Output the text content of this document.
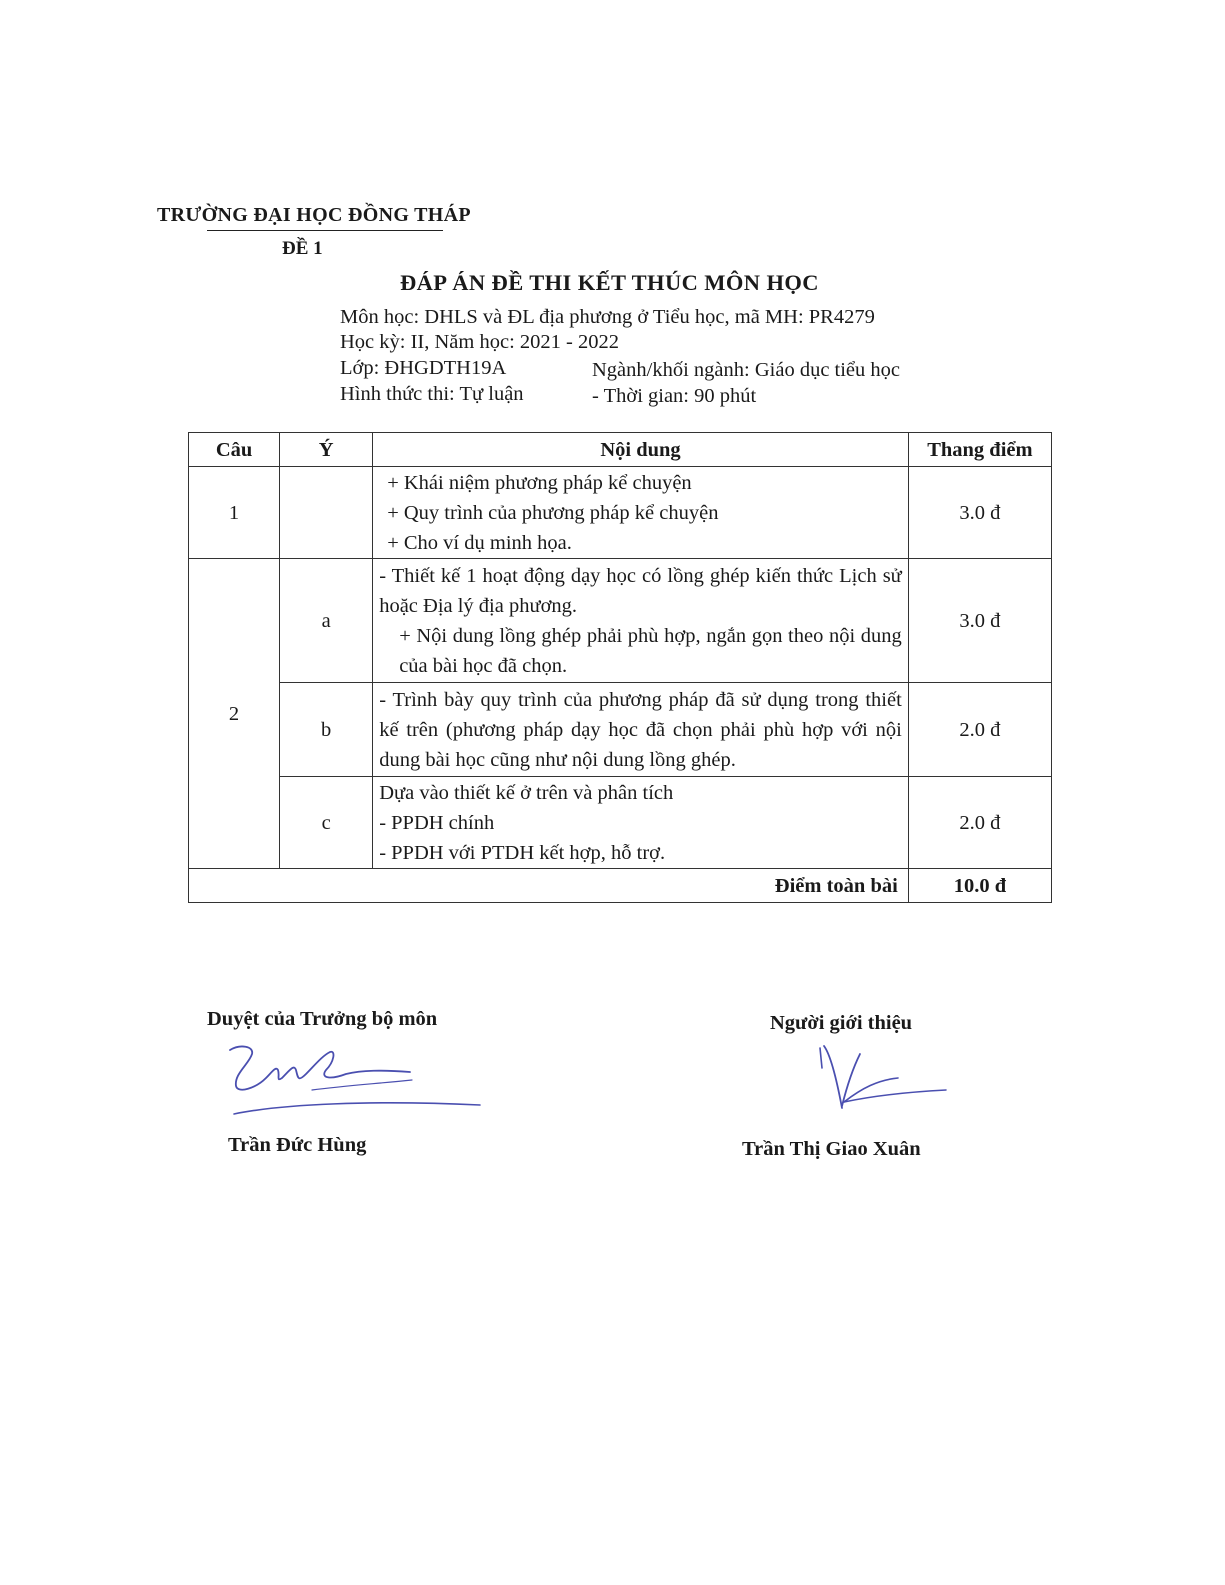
TRƯỜNG ĐẠI HỌC ĐỒNG THÁP
ĐỀ 1
ĐÁP ÁN ĐỀ THI KẾT THÚC MÔN HỌC
Môn học: DHLS và ĐL địa phương ở Tiểu học, mã MH: PR4279
Học kỳ: II, Năm học: 2021 - 2022
Lớp: ĐHGDTH19A	Ngành/khối ngành: Giáo dục tiểu học
Hình thức thi: Tự luận	- Thời gian: 90 phút
Câu	Ý	Nội dung	Thang điểm
1		+ Khái niệm phương pháp kể chuyện
+ Quy trình của phương pháp kể chuyện
+ Cho ví dụ minh họa.	3.0 đ
2	a	- Thiết kế 1 hoạt động dạy học có lồng ghép kiến thức Lịch sử hoặc Địa lý địa phương.
+ Nội dung lồng ghép phải phù hợp, ngắn gọn theo nội dung của bài học đã chọn.	3.0 đ
	b	- Trình bày quy trình của phương pháp đã sử dụng trong thiết kế trên (phương pháp dạy học đã chọn phải phù hợp với nội dung bài học cũng như nội dung lồng ghép.	2.0 đ
	c	Dựa vào thiết kế ở trên và phân tích
- PPDH chính
- PPDH với PTDH kết hợp, hỗ trợ.	2.0 đ
Điểm toàn bài			10.0 đ
Duyệt của Trưởng bộ môn
Trần Đức Hùng
Người giới thiệu
Trần Thị Giao Xuân
